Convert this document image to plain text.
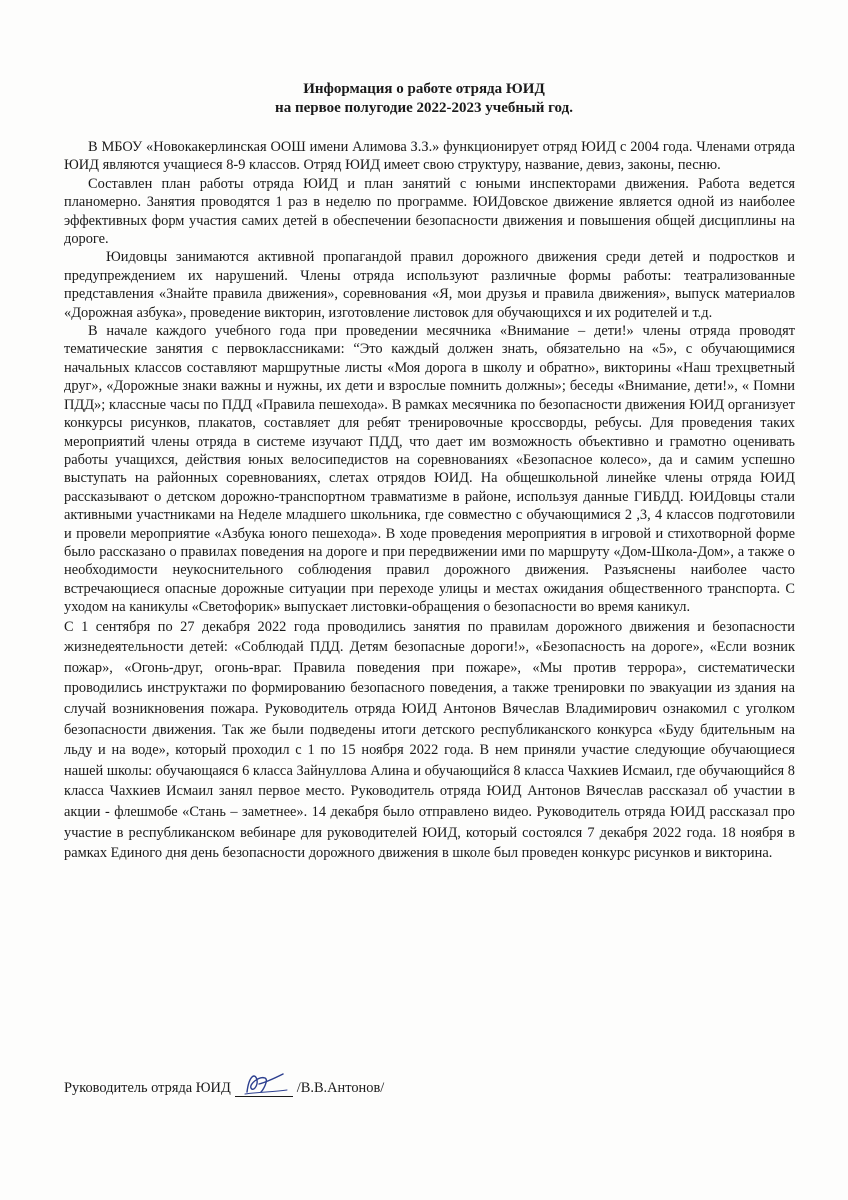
Информация о работе отряда ЮИД
на первое полугодие 2022-2023 учебный год.

В МБОУ «Новокакерлинская ООШ имени Алимова З.З.» функционирует отряд ЮИД с 2004 года. Членами отряда ЮИД являются учащиеся 8-9 классов. Отряд ЮИД имеет свою структуру, название, девиз, законы, песню.

Составлен план работы отряда ЮИД и план занятий с юными инспекторами движения. Работа ведется планомерно. Занятия проводятся 1 раз в неделю по программе. ЮИДовское движение является одной из наиболее эффективных форм участия самих детей в обеспечении безопасности движения и повышения общей дисциплины на дороге.

Юидовцы занимаются активной пропагандой правил дорожного движения среди детей и подростков и предупреждением их нарушений. Члены отряда используют различные формы работы: театрализованные представления «Знайте правила движения», соревнования «Я, мои друзья и правила движения», выпуск материалов «Дорожная азбука», проведение викторин, изготовление листовок для обучающихся и их родителей и т.д.

В начале каждого учебного года при проведении месячника «Внимание – дети!» члены отряда проводят тематические занятия с первоклассниками: “Это каждый должен знать, обязательно на «5», с обучающимися начальных классов составляют маршрутные листы «Моя дорога в школу и обратно», викторины «Наш трехцветный друг», «Дорожные знаки важны и нужны, их дети и взрослые помнить должны»; беседы «Внимание, дети!», « Помни ПДД»; классные часы по ПДД «Правила пешехода». В рамках месячника по безопасности движения ЮИД организует конкурсы рисунков, плакатов, составляет для ребят тренировочные кроссворды, ребусы. Для проведения таких мероприятий члены отряда в системе изучают ПДД, что дает им возможность объективно и грамотно оценивать работы учащихся, действия юных велосипедистов на соревнованиях «Безопасное колесо», да и самим успешно выступать на районных соревнованиях, слетах отрядов ЮИД. На общешкольной линейке члены отряда ЮИД рассказывают о детском дорожно-транспортном травматизме в районе, используя данные ГИБДД. ЮИДовцы стали активными участниками на Неделе младшего школьника, где совместно с обучающимися 2 ,3, 4 классов подготовили и провели мероприятие «Азбука юного пешехода». В ходе проведения мероприятия в игровой и стихотворной форме было рассказано о правилах поведения на дороге и при передвижении ими по маршруту «Дом-Школа-Дом», а также о необходимости неукоснительного соблюдения правил дорожного движения. Разъяснены наиболее часто встречающиеся опасные дорожные ситуации при переходе улицы и местах ожидания общественного транспорта. С уходом на каникулы «Светофорик» выпускает листовки-обращения о безопасности во время каникул.

С 1 сентября по 27 декабря 2022 года проводились занятия по правилам дорожного движения и безопасности жизнедеятельности детей: «Соблюдай ПДД. Детям безопасные дороги!», «Безопасность на дороге», «Если возник пожар», «Огонь-друг, огонь-враг. Правила поведения при пожаре», «Мы против террора», систематически проводились инструктажи по формированию безопасного поведения, а также тренировки по эвакуации из здания на случай возникновения пожара. Руководитель отряда ЮИД Антонов Вячеслав Владимирович ознакомил с уголком безопасности движения. Так же были подведены итоги детского республиканского конкурса «Буду бдительным на льду и на воде», который проходил с 1 по 15 ноября 2022 года. В нем приняли участие следующие обучающиеся нашей школы: обучающаяся 6 класса Зайнуллова Алина и обучающийся 8 класса Чахкиев Исмаил, где обучающийся 8 класса Чахкиев Исмаил занял первое место. Руководитель отряда ЮИД Антонов Вячеслав рассказал об участии в акции - флешмобе «Стань – заметнее». 14 декабря было отправлено видео. Руководитель отряда ЮИД рассказал про участие в республиканском вебинаре для руководителей ЮИД, который состоялся 7 декабря 2022 года. 18 ноября в рамках Единого дня день безопасности дорожного движения в школе был проведен конкурс рисунков и викторина.

Руководитель отряда ЮИД	/В.В.Антонов/
